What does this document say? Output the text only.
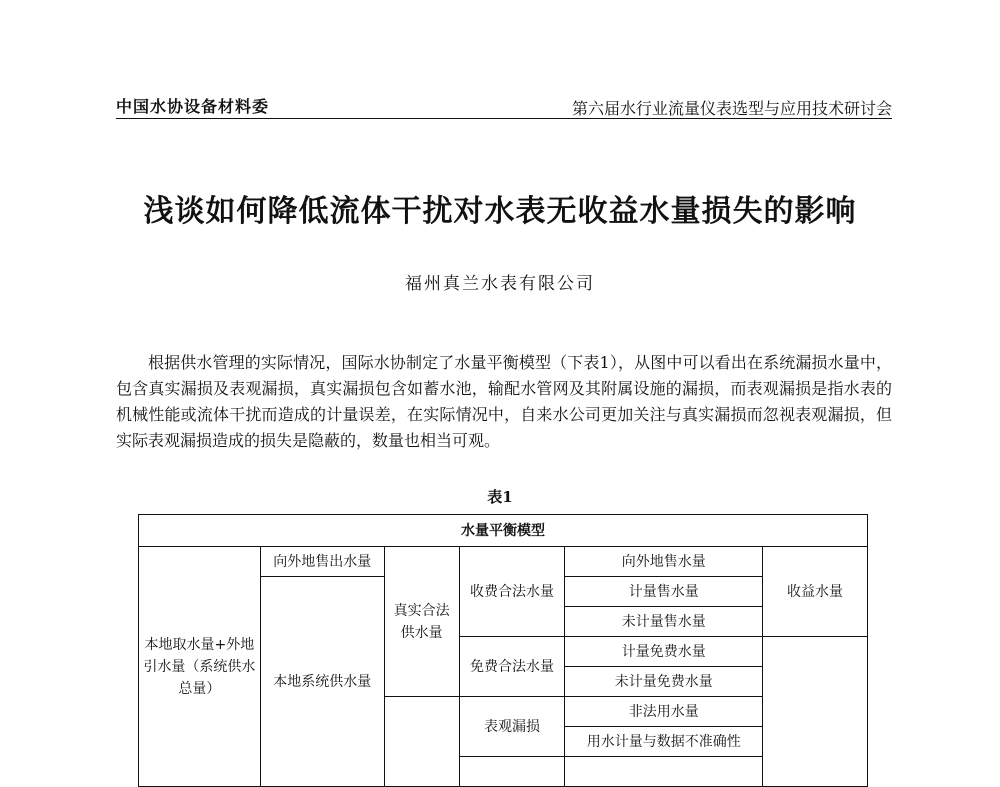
中国水协设备材料委	第六届水行业流量仪表选型与应用技术研讨会
浅谈如何降低流体干扰对水表无收益水量损失的影响
福州真兰水表有限公司

根据供水管理的实际情况，国际水协制定了水量平衡模型（下表1），从图中可以看出在系统漏损水量中，包含真实漏损及表观漏损，真实漏损包含如蓄水池，输配水管网及其附属设施的漏损，而表观漏损是指水表的机械性能或流体干扰而造成的计量误差，在实际情况中，自来水公司更加关注与真实漏损而忽视表观漏损，但实际表观漏损造成的损失是隐蔽的，数量也相当可观。

表1
水量平衡模型					
本地取水量+外地引水量（系统供水总量）	向外地售出水量	真实合法供水量	收费合法水量	向外地售水量	收益水量
	本地系统供水量			计量售水量	
				未计量售水量	
			免费合法水量	计量免费水量	
				未计量免费水量	
			表观漏损	非法用水量	
				用水计量与数据不准确性	
